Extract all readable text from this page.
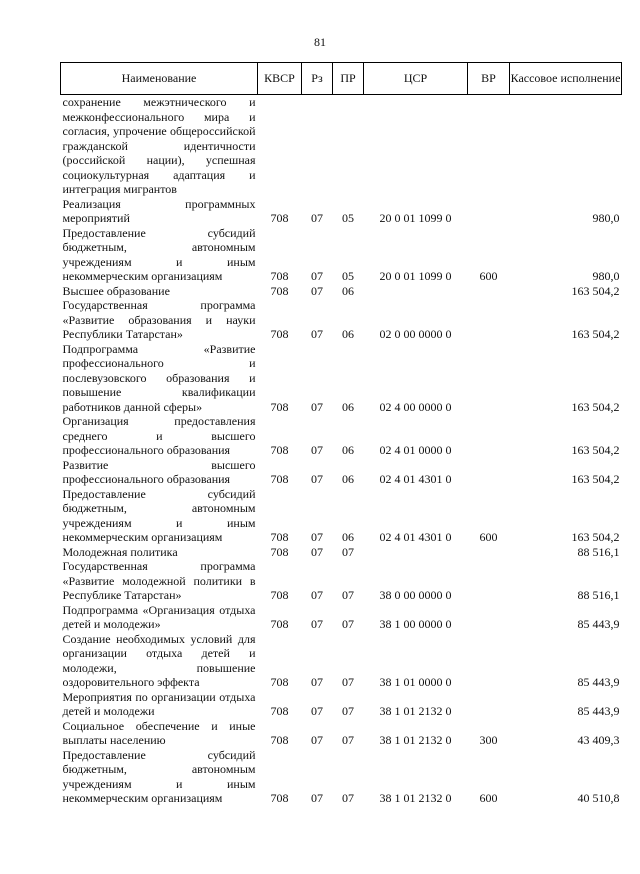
81
Наименование	КВСР	Рз	ПР	ЦСР	ВР	Кассовое исполнение
сохранение межэтнического и межконфессионального мира и согласия, упрочение общероссийской гражданской идентичности (российской нации), успешная социокультурная адаптация и интеграция мигрантов						
Реализация программных мероприятий	708	07	05	20 0 01 1099 0		980,0
Предоставление субсидий бюджетным, автономным учреждениям и иным некоммерческим организациям	708	07	05	20 0 01 1099 0	600	980,0
Высшее образование	708	07	06			163 504,2
Государственная программа «Развитие образования и науки Республики Татарстан»	708	07	06	02 0 00 0000 0		163 504,2
Подпрограмма «Развитие профессионального и послевузовского образования и повышение квалификации работников данной сферы»	708	07	06	02 4 00 0000 0		163 504,2
Организация предоставления среднего и высшего профессионального образования	708	07	06	02 4 01 0000 0		163 504,2
Развитие высшего профессионального образования	708	07	06	02 4 01 4301 0		163 504,2
Предоставление субсидий бюджетным, автономным учреждениям и иным некоммерческим организациям	708	07	06	02 4 01 4301 0	600	163 504,2
Молодежная политика	708	07	07			88 516,1
Государственная программа «Развитие молодежной политики в Республике Татарстан»	708	07	07	38 0 00 0000 0		88 516,1
Подпрограмма «Организация отдыха детей и молодежи»	708	07	07	38 1 00 0000 0		85 443,9
Создание необходимых условий для организации отдыха детей и молодежи, повышение оздоровительного эффекта	708	07	07	38 1 01 0000 0		85 443,9
Мероприятия по организации отдыха детей и молодежи	708	07	07	38 1 01 2132 0		85 443,9
Социальное обеспечение и иные выплаты населению	708	07	07	38 1 01 2132 0	300	43 409,3
Предоставление субсидий бюджетным, автономным учреждениям и иным некоммерческим организациям	708	07	07	38 1 01 2132 0	600	40 510,8
